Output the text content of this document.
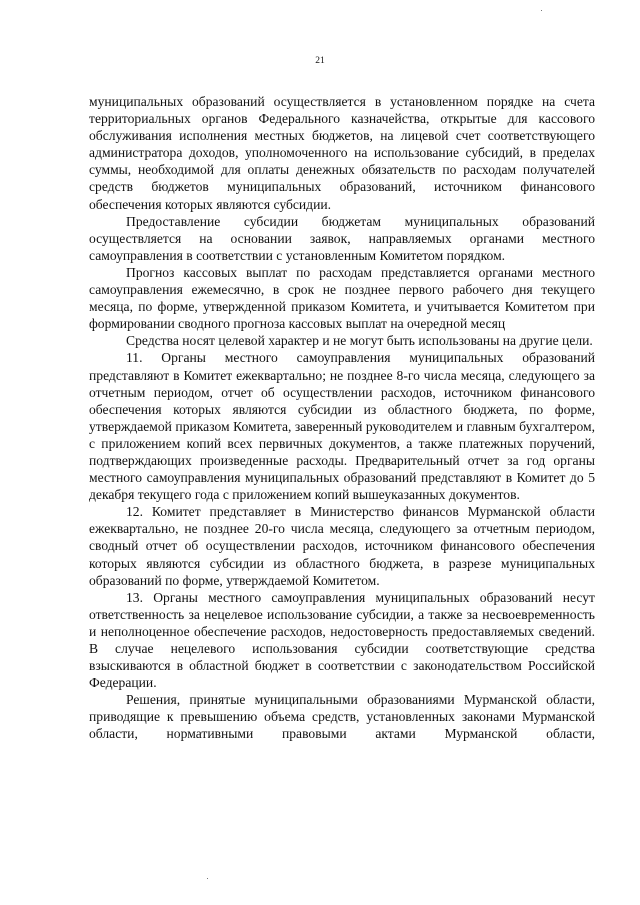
21

муниципальных образований осуществляется в установленном порядке на счета территориальных органов Федерального казначейства, открытые для кассового обслуживания исполнения местных бюджетов, на лицевой счет соответствующего администратора доходов, уполномоченного на использование субсидий, в пределах суммы, необходимой для оплаты денежных обязательств по расходам получателей средств бюджетов муниципальных образований, источником финансового обеспечения которых являются субсидии.

Предоставление субсидии бюджетам муниципальных образований осуществляется на основании заявок, направляемых органами местного самоуправления в соответствии с установленным Комитетом порядком.

Прогноз кассовых выплат по расходам представляется органами местного самоуправления ежемесячно, в срок не позднее первого рабочего дня текущего месяца, по форме, утвержденной приказом Комитета, и учитывается Комитетом при формировании сводного прогноза кассовых выплат на очередной месяц

Средства носят целевой характер и не могут быть использованы на другие цели.

11. Органы местного самоуправления муниципальных образований представляют в Комитет ежеквартально; не позднее 8-го числа месяца, следующего за отчетным периодом, отчет об осуществлении расходов, источником финансового обеспечения которых являются субсидии из областного бюджета, по форме, утверждаемой приказом Комитета, заверенный руководителем и главным бухгалтером, с приложением копий всех первичных документов, а также платежных поручений, подтверждающих произведенные расходы. Предварительный отчет за год органы местного самоуправления муниципальных образований представляют в Комитет до 5 декабря текущего года с приложением копий вышеуказанных документов.

12. Комитет представляет в Министерство финансов Мурманской области ежеквартально, не позднее 20-го числа месяца, следующего за отчетным периодом, сводный отчет об осуществлении расходов, источником финансового обеспечения которых являются субсидии из областного бюджета, в разрезе муниципальных образований по форме, утверждаемой Комитетом.

13. Органы местного самоуправления муниципальных образований несут ответственность за нецелевое использование субсидии, а также за несвоевременность и неполноценное обеспечение расходов, недостоверность предоставляемых сведений. В случае нецелевого использования субсидии соответствующие средства взыскиваются в областной бюджет в соответствии с законодательством Российской Федерации.

Решения, принятые муниципальными образованиями Мурманской области, приводящие к превышению объема средств, установленных законами Мурманской области, нормативными правовыми актами Мурманской области,
